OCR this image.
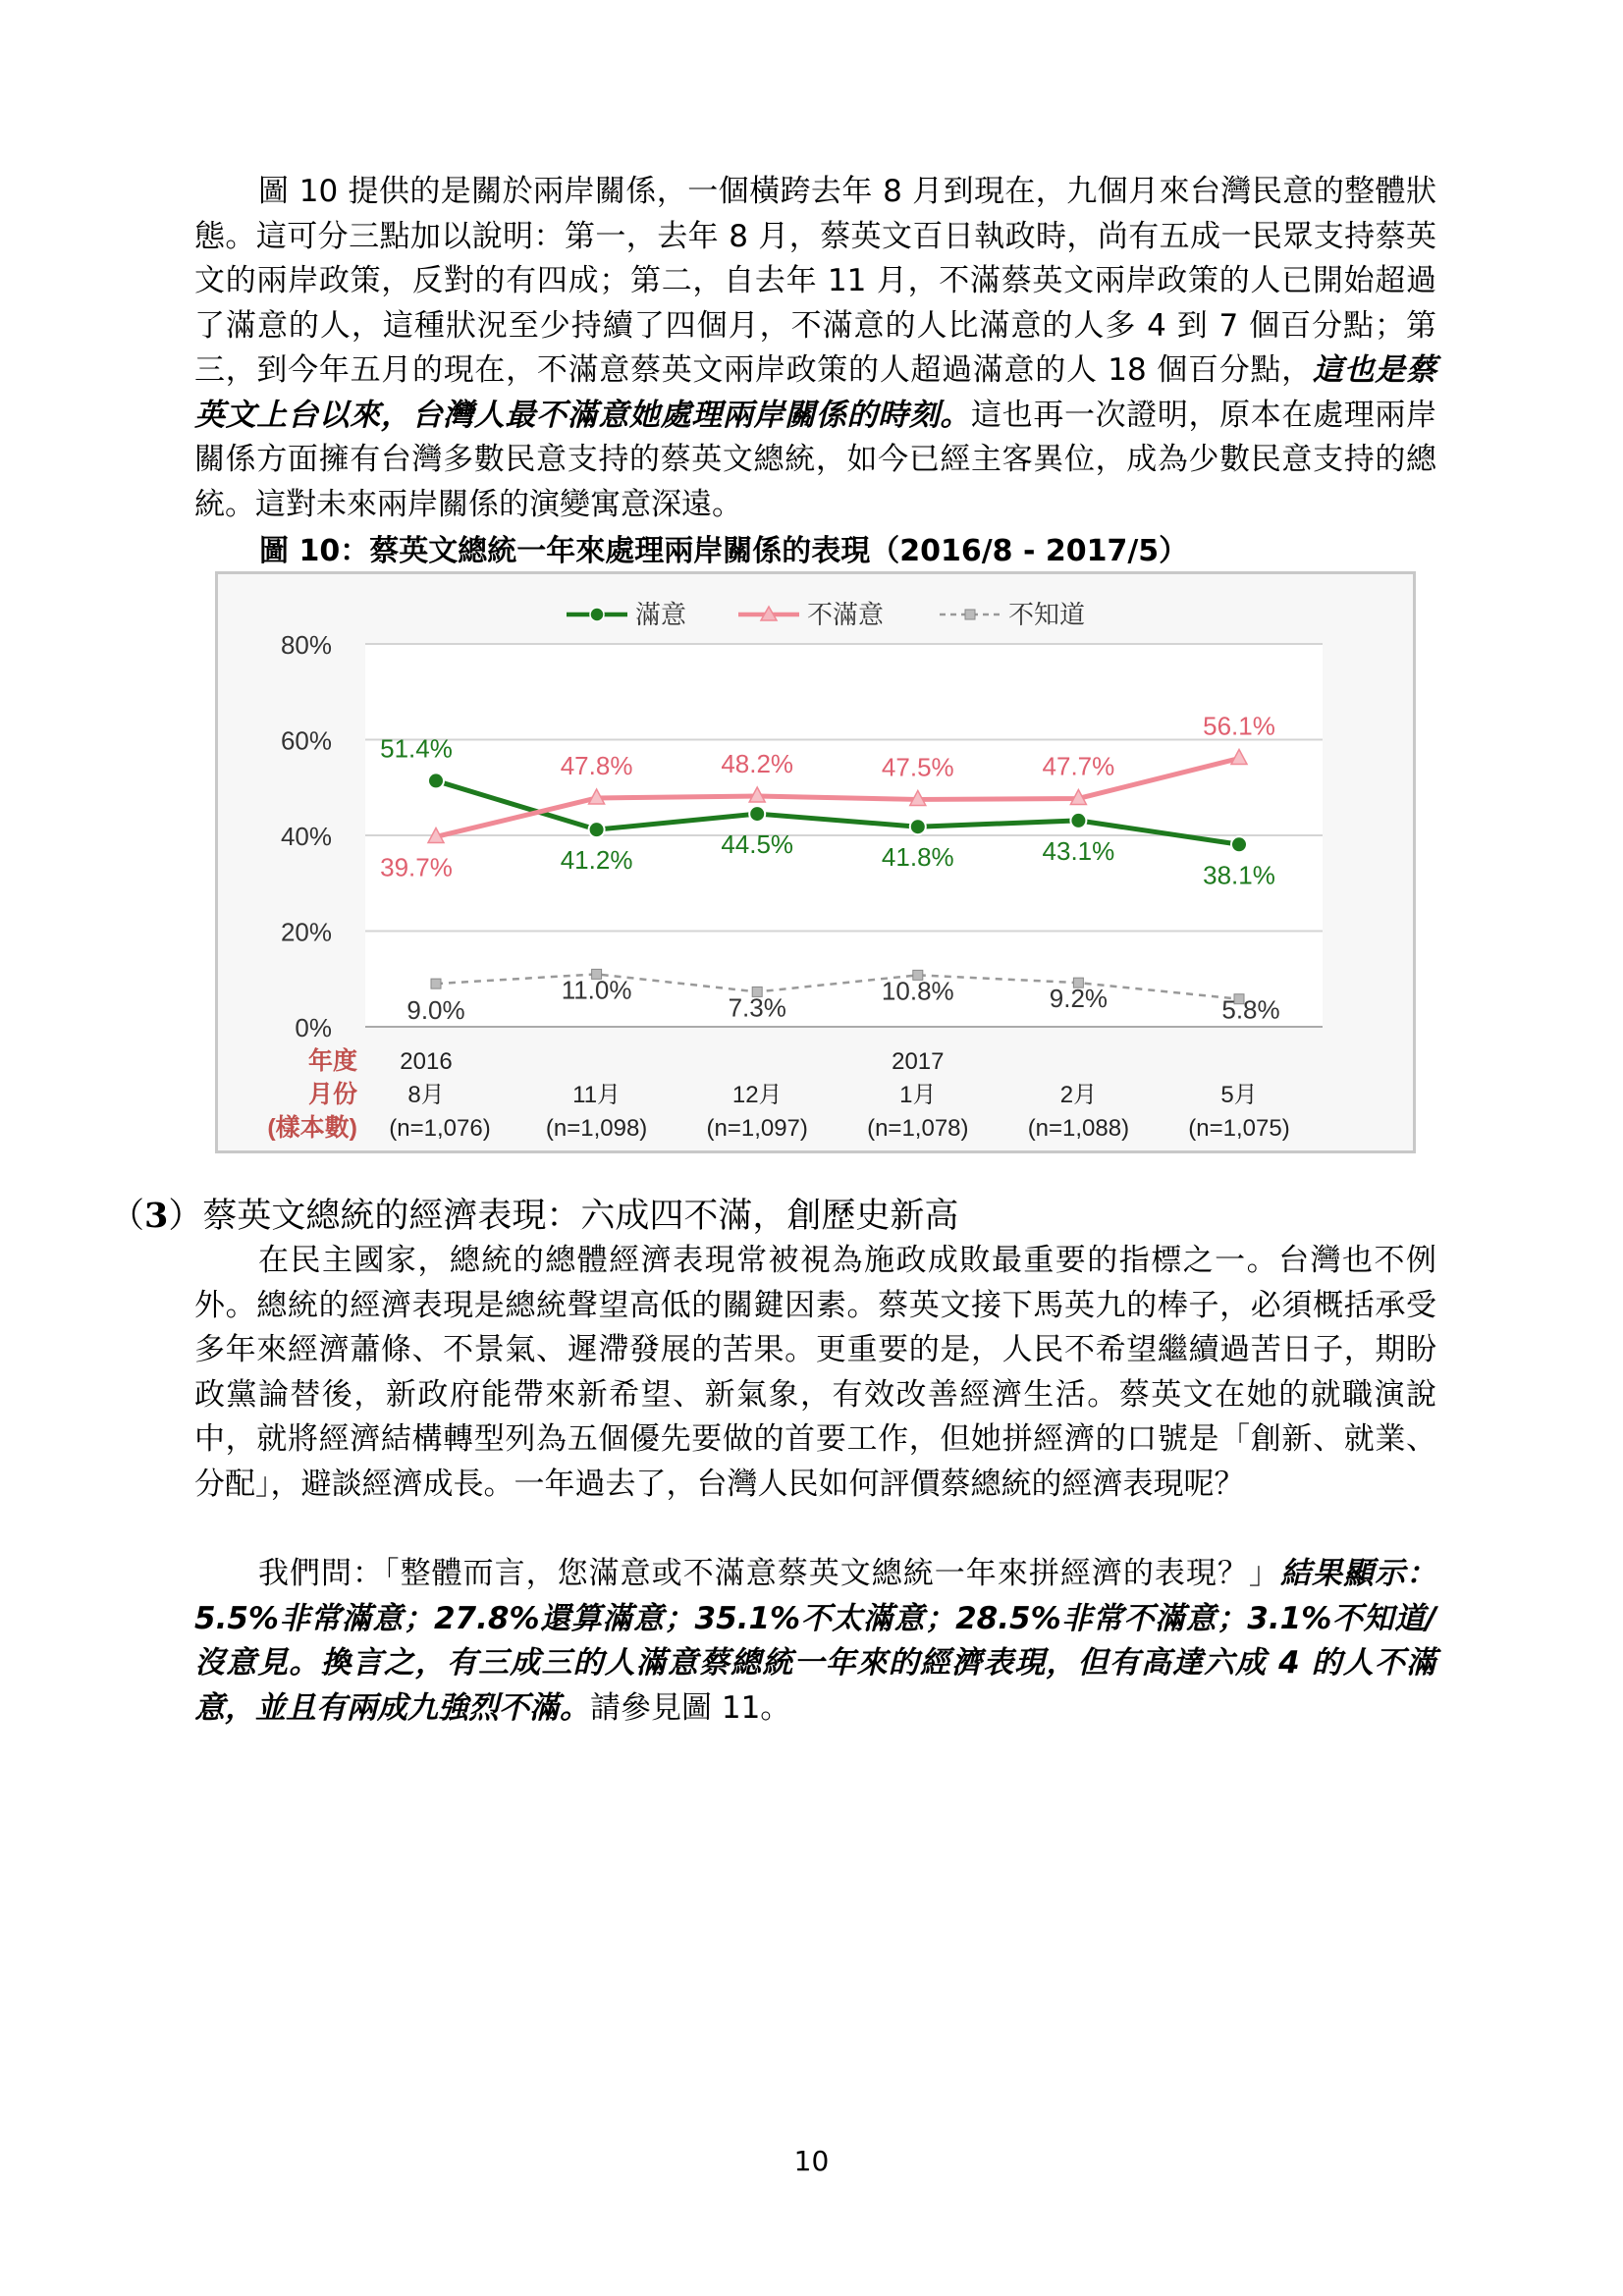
圖 10 提供的是關於兩岸關係，一個橫跨去年 8 月到現在，九個月來台灣民意的整體狀態。這可分三點加以說明：第一，去年 8 月，蔡英文百日執政時，尚有五成一民眾支持蔡英文的兩岸政策，反對的有四成；第二，自去年 11 月，不滿蔡英文兩岸政策的人已開始超過了滿意的人，這種狀況至少持續了四個月，不滿意的人比滿意的人多 4 到 7 個百分點；第三，到今年五月的現在，不滿意蔡英文兩岸政策的人超過滿意的人 18 個百分點，這也是蔡英文上台以來，台灣人最不滿意她處理兩岸關係的時刻。這也再一次證明，原本在處理兩岸關係方面擁有台灣多數民意支持的蔡英文總統，如今已經主客異位，成為少數民意支持的總統。這對未來兩岸關係的演變寓意深遠。

圖 10：蔡英文總統一年來處理兩岸關係的表現（2016/8 - 2017/5）
80%
60%
40%
20%
0%
滿意	不滿意	不知道
51.4%
41.2%
44.5%	41.8%	43.1%
38.1%
39.7%
47.8%	48.2%	47.5%	47.7%
56.1%
9.0%
11.0%
7.3%
10.8%	9.2%	5.8%
年度
月份
(樣本數)
2016
8月
(n=1,076)
11月
(n=1,098)
12月
(n=1,097)
2017
1月
(n=1,078)
2月
(n=1,088)
5月
(n=1,075)
（3）蔡英文總統的經濟表現：六成四不滿，創歷史新高

在民主國家，總統的總體經濟表現常被視為施政成敗最重要的指標之一。台灣也不例外。總統的經濟表現是總統聲望高低的關鍵因素。蔡英文接下馬英九的棒子，必須概括承受多年來經濟蕭條、不景氣、遲滯發展的苦果。更重要的是，人民不希望繼續過苦日子，期盼政黨論替後，新政府能帶來新希望、新氣象，有效改善經濟生活。蔡英文在她的就職演說中，就將經濟結構轉型列為五個優先要做的首要工作，但她拼經濟的口號是「創新、就業、分配」，避談經濟成長。一年過去了，台灣人民如何評價蔡總統的經濟表現呢？

我們問：「整體而言，您滿意或不滿意蔡英文總統一年來拼經濟的表現？」結果顯示：5.5%非常滿意；27.8%還算滿意；35.1%不太滿意；28.5%非常不滿意；3.1%不知道/沒意見。換言之，有三成三的人滿意蔡總統一年來的經濟表現，但有高達六成 4 的人不滿意，並且有兩成九強烈不滿。請參見圖 11。

10
